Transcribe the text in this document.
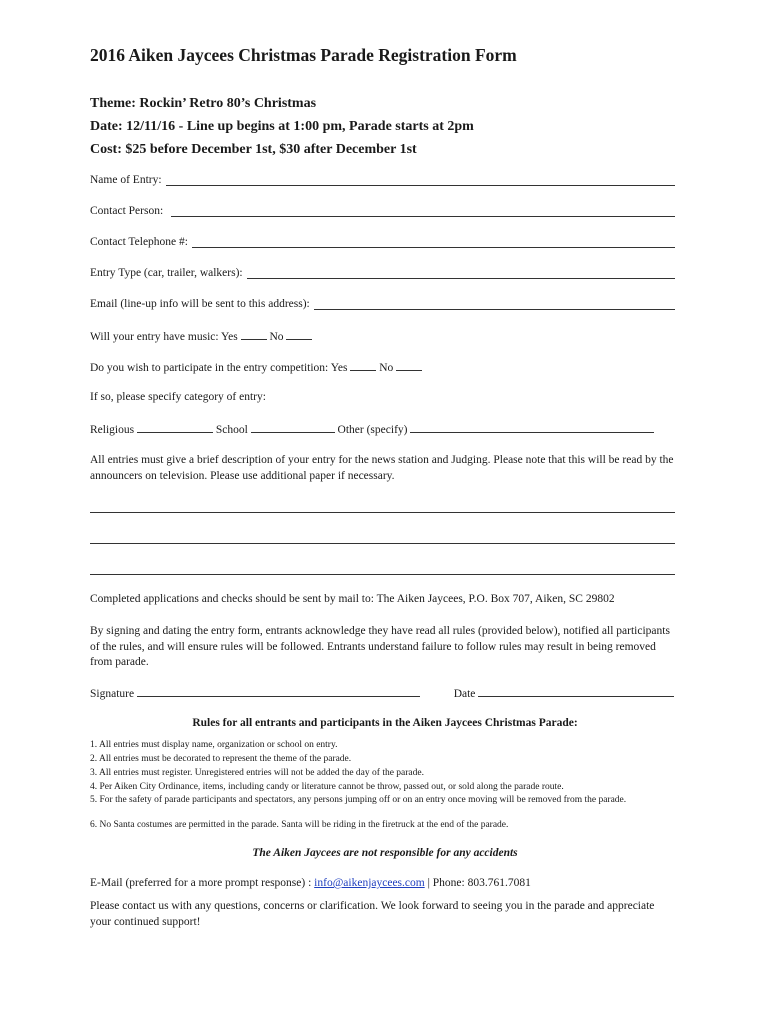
2016 Aiken Jaycees Christmas Parade Registration Form
Theme: Rockin’ Retro 80’s Christmas
Date: 12/11/16 - Line up begins at 1:00 pm, Parade starts at 2pm
Cost: $25 before December 1st, $30 after December 1st
Name of Entry:
Contact Person:
Contact Telephone #:
Entry Type (car, trailer, walkers):
Email (line-up info will be sent to this address):
Will your entry have music: Yes	No
Do you wish to participate in the entry competition: Yes	No
If so, please specify category of entry:
Religious	School	Other (specify)
All entries must give a brief description of your entry for the news station and Judging. Please note that this will be read by the announcers on television. Please use additional paper if necessary.
Completed applications and checks should be sent by mail to: The Aiken Jaycees, P.O. Box 707, Aiken, SC 29802
By signing and dating the entry form, entrants acknowledge they have read all rules (provided below), notified all participants of the rules, and will ensure rules will be followed. Entrants understand failure to follow rules may result in being removed from parade.
Signature	Date
Rules for all entrants and participants in the Aiken Jaycees Christmas Parade:
1. All entries must display name, organization or school on entry.
2. All entries must be decorated to represent the theme of the parade.
3. All entries must register. Unregistered entries will not be added the day of the parade.
4. Per Aiken City Ordinance, items, including candy or literature cannot be throw, passed out, or sold along the parade route.
5. For the safety of parade participants and spectators, any persons jumping off or on an entry once moving will be removed from the parade.
6. No Santa costumes are permitted in the parade. Santa will be riding in the firetruck at the end of the parade.
The Aiken Jaycees are not responsible for any accidents
E-Mail (preferred for a more prompt response) : info@aikenjaycees.com | Phone: 803.761.7081
Please contact us with any questions, concerns or clarification. We look forward to seeing you in the parade and appreciate your continued support!
